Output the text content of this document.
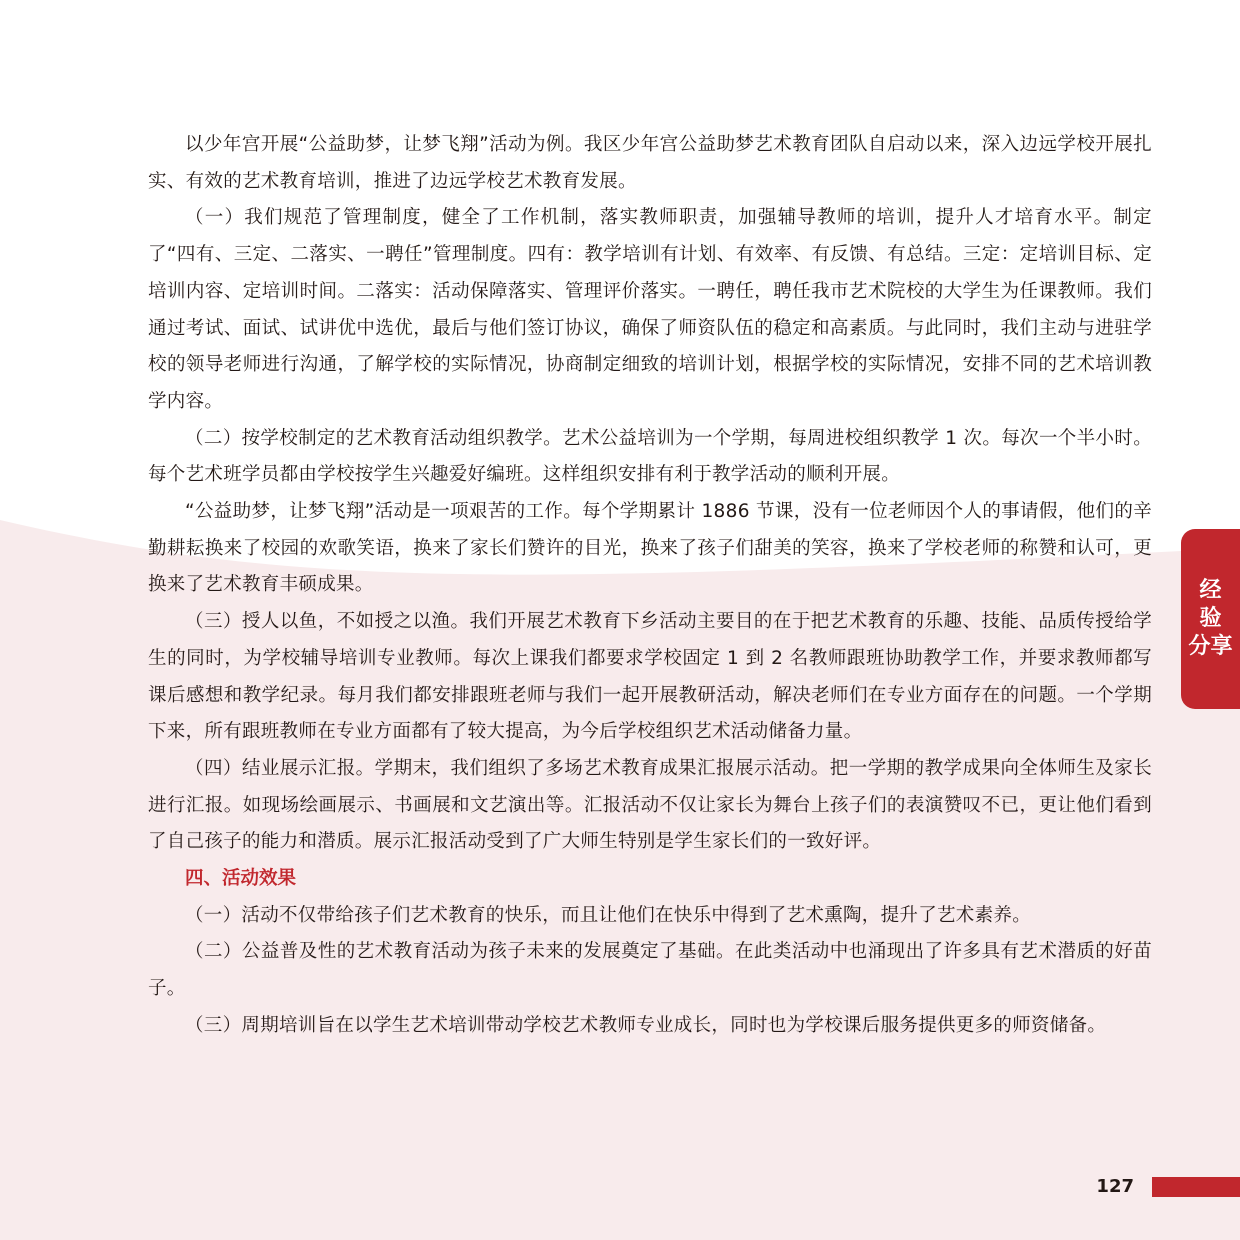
以少年宫开展“公益助梦，让梦飞翔”活动为例。我区少年宫公益助梦艺术教育团队自启动以来，深入边远学校开展扎实、有效的艺术教育培训，推进了边远学校艺术教育发展。

（一）我们规范了管理制度，健全了工作机制，落实教师职责，加强辅导教师的培训，提升人才培育水平。制定了“四有、三定、二落实、一聘任”管理制度。四有：教学培训有计划、有效率、有反馈、有总结。三定：定培训目标、定培训内容、定培训时间。二落实：活动保障落实、管理评价落实。一聘任，聘任我市艺术院校的大学生为任课教师。我们通过考试、面试、试讲优中选优，最后与他们签订协议，确保了师资队伍的稳定和高素质。与此同时，我们主动与进驻学校的领导老师进行沟通，了解学校的实际情况，协商制定细致的培训计划，根据学校的实际情况，安排不同的艺术培训教学内容。

（二）按学校制定的艺术教育活动组织教学。艺术公益培训为一个学期，每周进校组织教学 1 次。每次一个半小时。每个艺术班学员都由学校按学生兴趣爱好编班。这样组织安排有利于教学活动的顺利开展。

“公益助梦，让梦飞翔”活动是一项艰苦的工作。每个学期累计 1886 节课，没有一位老师因个人的事请假，他们的辛勤耕耘换来了校园的欢歌笑语，换来了家长们赞许的目光，换来了孩子们甜美的笑容，换来了学校老师的称赞和认可，更换来了艺术教育丰硕成果。

（三）授人以鱼，不如授之以渔。我们开展艺术教育下乡活动主要目的在于把艺术教育的乐趣、技能、品质传授给学生的同时，为学校辅导培训专业教师。每次上课我们都要求学校固定 1 到 2 名教师跟班协助教学工作，并要求教师都写课后感想和教学纪录。每月我们都安排跟班老师与我们一起开展教研活动，解决老师们在专业方面存在的问题。一个学期下来，所有跟班教师在专业方面都有了较大提高，为今后学校组织艺术活动储备力量。

（四）结业展示汇报。学期末，我们组织了多场艺术教育成果汇报展示活动。把一学期的教学成果向全体师生及家长进行汇报。如现场绘画展示、书画展和文艺演出等。汇报活动不仅让家长为舞台上孩子们的表演赞叹不已，更让他们看到了自己孩子的能力和潜质。展示汇报活动受到了广大师生特别是学生家长们的一致好评。

四、活动效果

（一）活动不仅带给孩子们艺术教育的快乐，而且让他们在快乐中得到了艺术熏陶，提升了艺术素养。

（二）公益普及性的艺术教育活动为孩子未来的发展奠定了基础。在此类活动中也涌现出了许多具有艺术潜质的好苗子。

（三）周期培训旨在以学生艺术培训带动学校艺术教师专业成长，同时也为学校课后服务提供更多的师资储备。

经
验
分享
127
